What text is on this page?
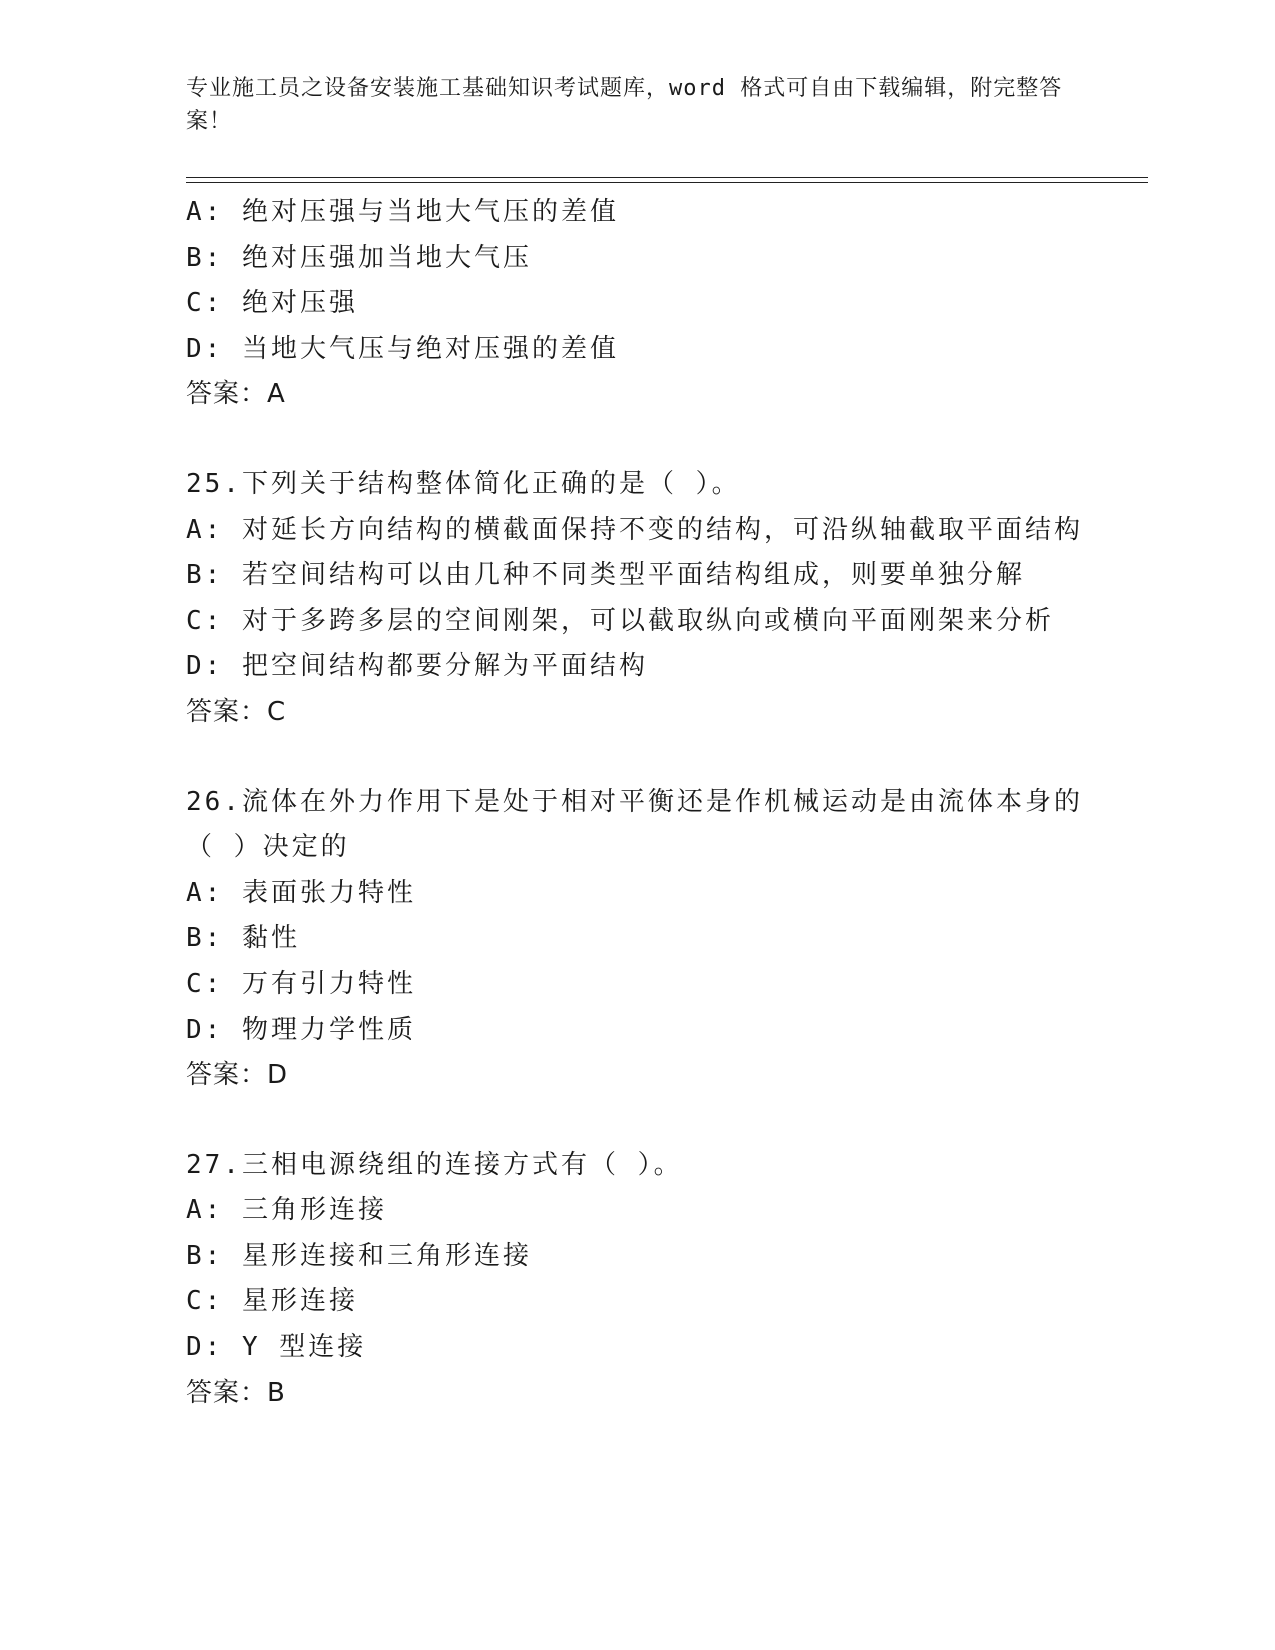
专业施工员之设备安装施工基础知识考试题库，word 格式可自由下载编辑，附完整答案！
A: 绝对压强与当地大气压的差值
B: 绝对压强加当地大气压
C: 绝对压强
D: 当地大气压与绝对压强的差值
答案：A
25.下列关于结构整体简化正确的是（ ）。
A: 对延长方向结构的横截面保持不变的结构，可沿纵轴截取平面结构
B: 若空间结构可以由几种不同类型平面结构组成，则要单独分解
C: 对于多跨多层的空间刚架，可以截取纵向或横向平面刚架来分析
D: 把空间结构都要分解为平面结构
答案：C
26.流体在外力作用下是处于相对平衡还是作机械运动是由流体本身的
（ ）决定的
A: 表面张力特性
B: 黏性
C: 万有引力特性
D: 物理力学性质
答案：D
27.三相电源绕组的连接方式有（ ）。
A: 三角形连接
B: 星形连接和三角形连接
C: 星形连接
D: Y 型连接
答案：B
